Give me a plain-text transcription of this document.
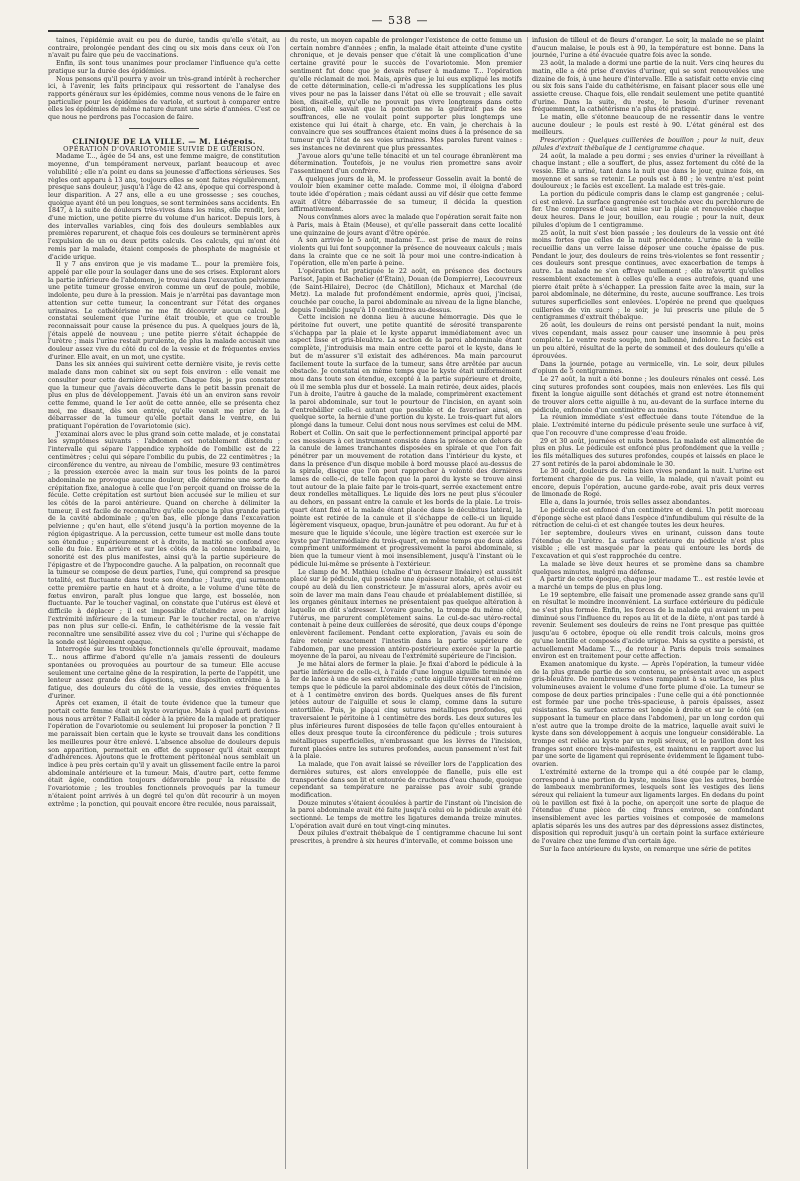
— 538 —

taines, l'épidémie avait eu peu de durée, tandis qu'elle s'était, au contraire, prolongée pendant des cinq ou six mois dans ceux où l'on n'avait pu faire que peu de vaccinations.

Enfin, ils sont tous unanimes pour proclamer l'influence qu'a cette pratique sur la durée des épidémies.

Nous pensons qu'il pourra y avoir un très-grand intérêt à rechercher ici, à l'avenir, les faits principaux qui ressortent de l'analyse des rapports généraux sur les épidémies, comme nous venons de le faire en particulier pour les épidémies de variole, et surtout à comparer entre elles les épidémies de même nature durant une série d'années. C'est ce que nous ne perdrons pas l'occasion de faire.

CLINIQUE DE LA VILLE. — M. Liégeois.

OPÉRATION D'OVARIOTOMIE SUIVIE DE GUÉRISON.

Madame T..., âgée de 54 ans, est une femme maigre, de constitution moyenne, d'un tempérament nerveux, parlant beaucoup et avec volubilité ; elle n'a point eu dans sa jeunesse d'affections sérieuses. Ses règles ont apparu à 13 ans, toujours elles se sont faites régulièrement, presque sans douleur, jusqu'à l'âge de 42 ans, époque qui correspond à leur disparition. A 27 ans, elle a eu une grossesse ; ses couches, quoique ayant été un peu longues, se sont terminées sans accidents. En 1847, à la suite de douleurs très-vives dans les reins, elle rendit, lors d'une miction, une petite pierre du volume d'un haricot. Depuis lors, à des intervalles variables, cinq fois des douleurs semblables aux premières reparurent, et chaque fois ces douleurs se terminèrent après l'expulsion de un ou deux petits calculs. Ces calculs, qui m'ont été remis par la malade, étaient composés de phosphate de magnésie et d'acide urique.

Il y 7 ans environ que je vis madame T... pour la première fois, appelé par elle pour la soulager dans une de ses crises. Explorant alors la partie inférieure de l'abdomen, je trouvai dans l'excavation pelvienne une petite tumeur grosse environ comme un œuf de poule, mobile, indolente, peu dure à la pression. Mais je n'arrêtai pas davantage mon attention sur cette tumeur, la concentrant sur l'état des organes urinaires. Le cathétérisme ne me fit découvrir aucun calcul. Je constatai seulement que l'urine était trouble, et que ce trouble reconnaissait pour cause la présence du pus. A quelques jours de là, j'étais appelé de nouveau ; une petite pierre s'était échappée de l'urètre ; mais l'urine restait purulente, de plus la malade accusait une douleur assez vive du côté du col de la vessie et de fréquentes envies d'uriner. Elle avait, en un mot, une cystite.

Dans les six années qui suivirent cette dernière visite, je revis cette malade dans mon cabinet six ou sept fois environ : elle venait me consulter pour cette dernière affection. Chaque fois, je pus constater que la tumeur que j'avais découverte dans le petit bassin prenait de plus en plus de développement. J'avais été un an environ sans revoir cette femme, quand le 1er août de cette année, elle se présenta chez moi, me disant, dès son entrée, qu'elle venait me prier de la débarrasser de la tumeur qu'elle portait dans le ventre, en lui pratiquant l'opération de l'ovariotomie (sic).

J'examinai alors avec le plus grand soin cette malade, et je constatai les symptômes suivants : l'abdomen est notablement distendu ; l'intervalle qui sépare l'appendice xyphoïde de l'ombilic est de 22 centimètres ; celui qui sépare l'ombilic du pubis, de 22 centimètres ; la circonférence du ventre, au niveau de l'ombilic, mesure 93 centimètres ; la pression exercée avec la main sur tous les points de la paroi abdominale ne provoque aucune douleur, elle détermine une sorte de crépitation fixe, analogue à celle que l'on perçoit quand on froisse de la fécule. Cette crépitation est surtout bien accusée sur le milieu et sur les côtés de la paroi antérieure. Quand on cherche à délimiter la tumeur, il est facile de reconnaître qu'elle occupe la plus grande partie de la cavité abdominale ; qu'en bas, elle plonge dans l'excavation pelvienne ; qu'en haut, elle s'étend jusqu'à la portion moyenne de la région épigastrique. A la percussion, cette tumeur est molle dans toute son étendue ; supérieurement et à droite, la matité se confond avec celle du foie. En arrière et sur les côtés de la colonne lombaire, la sonorité est des plus manifestes, ainsi qu'à la partie supérieure de l'épigastre et de l'hypocondre gauche. A la palpation, on reconnaît que la tumeur se compose de deux parties, l'une, qui comprend sa presque totalité, est fluctuante dans toute son étendue ; l'autre, qui surmonte cette première partie en haut et à droite, a le volume d'une tête de fœtus environ, paraît plus longue que large, est bosselée, non fluctuante. Par le toucher vaginal, on constate que l'utérus est élevé et difficile à déplacer ; il est impossible d'atteindre avec le doigt l'extrémité inférieure de la tumeur. Par le toucher rectal, on n'arrive pas non plus sur celle-ci. Enfin, le cathétérisme de la vessie fait reconnaître une sensibilité assez vive du col ; l'urine qui s'échappe de la sonde est légèrement opaque.

Interrogée sur les troubles fonctionnels qu'elle éprouvait, madame T... nous affirme d'abord qu'elle n'a jamais ressenti de douleurs spontanées ou provoquées au pourtour de sa tumeur. Elle accuse seulement une certaine gêne de la respiration, la perte de l'appétit, une lenteur assez grande des digestions, une disposition extrême à la fatigue, des douleurs du côté de la vessie, des envies fréquentes d'uriner.

Après cet examen, il était de toute évidence que la tumeur que portait cette femme était un kyste ovarique. Mais à quel parti devions-nous nous arrêter ? Fallait-il céder à la prière de la malade et pratiquer l'opération de l'ovariotomie ou seulement lui proposer la ponction ? Il me paraissait bien certain que le kyste se trouvait dans les conditions les meilleures pour être enlevé. L'absence absolue de douleurs depuis son apparition, permettait en effet de supposer qu'il était exempt d'adhérences. Ajoutons que le frottement péritonéal nous semblait un indice à peu près certain qu'il y avait un glissement facile entre la paroi abdominale antérieure et la tumeur. Mais, d'autre part, cette femme était âgée, condition toujours défavorable pour la réussite de l'ovariotomie ; les troubles fonctionnels provoqués par la tumeur n'étaient point arrivés à un degré tel qu'on dût recourir à un moyen extrême ; la ponction, qui pouvait encore être reculée, nous paraissait,

du reste, un moyen capable de prolonger l'existence de cette femme un certain nombre d'années ; enfin, la malade était atteinte d'une cystite chronique, et je devais penser que c'était là une complication d'une certaine gravité pour le succès de l'ovariotomie. Mon premier sentiment fut donc que je devais refuser à madame T... l'opération qu'elle réclamait de moi. Mais, après que je lui eus expliqué les motifs de cette détermination, celle-ci m'adressa les supplications les plus vives pour ne pas la laisser dans l'état où elle se trouvait ; elle savait bien, disait-elle, qu'elle ne pouvait pas vivre longtemps dans cette position, elle savait que la ponction ne la guérirait pas de ses souffrances, elle ne voulait point supporter plus longtemps une existence qui lui était à charge, etc. En vain, je cherchais à la convaincre que ses souffrances étaient moins dues à la présence de sa tumeur qu'à l'état de ses voies urinaires. Mes paroles furent vaines : ses instances ne devinrent que plus pressantes.

J'avoue alors qu'une telle ténacité et un tel courage ébranlèrent ma détermination. Toutefois, je ne voulus rien promettre sans avoir l'assentiment d'un confrère.

A quelques jours de là, M. le professeur Gosselin avait la bonté de vouloir bien examiner cette malade. Comme moi, il éloigna d'abord toute idée d'opération ; mais cédant aussi au vif désir que cette femme avait d'être débarrassée de sa tumeur, il décida la question affirmativement.

Nous convînmes alors avec la malade que l'opération serait faite non à Paris, mais à Étain (Meuse), et qu'elle passerait dans cette localité une quinzaine de jours avant d'être opérée.

A son arrivée le 5 août, madame T... est prise de maux de reins violents qui lui font soupçonner la présence de nouveaux calculs ; mais dans la crainte que ce ne soit là pour moi une contre-indication à l'opération, elle m'en parle à peine.

L'opération fut pratiquée le 22 août, en présence des docteurs Parisot, Japin et Bachelier (d'Étain), Douan (de Dompierre), Lecouvreux (de Saint-Hilaire), Decroc (de Châtillon), Michaux et Marchal (de Metz). La malade fut profondément endormie, après quoi, j'incisai, couchée par couche, la paroi abdominale au niveau de la ligne blanche, depuis l'ombilic jusqu'à 10 centimètres au-dessus.

Cette incision ne donna lieu à aucune hémorragie. Dès que le péritoine fut ouvert, une petite quantité de sérosité transparente s'échappa par la plaie et le kyste apparut immédiatement avec un aspect lisse et gris-bleuâtre. La section de la paroi abdominale étant complète, j'introduisis ma main entre cette paroi et le kyste, dans le but de m'assurer s'il existait des adhérences. Ma main parcourut facilement toute la surface de la tumeur, sans être arrêtée par aucun obstacle. Je constatai en même temps que le kyste était uniformément mou dans toute son étendue, excepté à la partie supérieure et droite, où il me sembla plus dur et bosselé. La main retirée, deux aides, placés l'un à droite, l'autre à gauche de la malade, comprimèrent exactement la paroi abdominale, sur tout le pourtour de l'incision, en ayant soin d'entrebâiller celle-ci autant que possible et de favoriser ainsi, en quelque sorte, la hernie d'une portion du kyste. Le trois-quart fut alors plongé dans la tumeur. Celui dont nous nous servîmes est celui de MM. Robert et Collin. On sait que le perfectionnement principal apporté par ces messieurs à cet instrument consiste dans la présence en dehors de la canule de lames tranchantes disposées en spirale et que l'on fait pénétrer par un mouvement de rotation dans l'intérieur du kyste, et dans la présence d'un disque mobile à bord mousse placé au-dessus de la spirale, disque que l'on peut rapprocher à volonté des dernières lames de celle-ci, de telle façon que la paroi du kyste se trouve ainsi tout autour de la plaie faite par le trois-quart, serrée exactement entre deux rondelles métalliques. Le liquide dès lors ne peut plus s'écouler au dehors, en passant entre la canule et les bords de la plaie. Le trois-quart étant fixé et la malade étant placée dans le décubitus latéral, la pointe est retirée de la canule et il s'échappe de celle-ci un liquide légèrement visqueux, opaque, brun-jaunâtre et peu odorant. Au fur et à mesure que le liquide s'écoule, une légère traction est exercée sur le kyste par l'intermédiaire du trois-quart, en même temps que deux aides compriment uniformément et progressivement la paroi abdominale, si bien que la tumeur vient à moi insensiblement, jusqu'à l'instant où le pédicule lui-même se présente à l'extérieur.

Le clamp de M. Mathieu (chaîne d'un écraseur linéaire) est aussitôt placé sur le pédicule, qui possède une épaisseur notable, et celui-ci est coupé au delà du lien constricteur. Je m'assurai alors, après avoir eu soin de laver ma main dans l'eau chaude et préalablement distillée, si les organes génitaux internes ne présentaient pas quelque altération à laquelle on dût s'adresser. L'ovaire gauche, la trompe du même côté, l'utérus, me parurent complètement sains. Le cul-de-sac utéro-rectal contenait à peine deux cuillerées de sérosité, que deux coups d'éponge enlevèrent facilement. Pendant cette exploration, j'avais eu soin de faire retenir exactement l'intestin dans la partie supérieure de l'abdomen, par une pression antéro-postérieure exercée sur la partie moyenne de la paroi, au niveau de l'extrémité supérieure de l'incision.

Je me hâtai alors de fermer la plaie. Je fixai d'abord le pédicule à la partie inférieure de celle-ci, à l'aide d'une longue aiguille terminée en fer de lance à une de ses extrémités ; cette aiguille traversait en même temps que le pédicule la paroi abdominale des deux côtés de l'incision, et à 1 centimètre environ des bords. Quelques anses de fils furent jetées autour de l'aiguille et sous le clamp, comme dans la suture entortillée. Puis, je plaçai cinq sutures métalliques profondes, qui traversaient le péritoine à 1 centimètre des bords. Les deux sutures les plus inférieures furent disposées de telle façon qu'elles entouraient à elles deux presque toute la circonférence du pédicule ; trois sutures métalliques superficielles, n'embrassant que les lèvres de l'incision, furent placées entre les sutures profondes, aucun pansement n'est fait à la plaie.

La malade, que l'on avait laissé se réveiller lors de l'application des dernières sutures, est alors enveloppée de flanelle, puis elle est transportée dans son lit et entourée de cruchons d'eau chaude, quoique cependant sa température ne paraisse pas avoir subi grande modification.

Douze minutes s'étaient écoulées à partir de l'instant où l'incision de la paroi abdominale avait été faite jusqu'à celui où le pédicule avait été sectionné. Le temps de mettre les ligatures demanda treize minutes. L'opération avait duré en tout vingt-cinq minutes.

Deux pilules d'extrait thébaïque de 1 centigramme chacune lui sont prescrites, à prendre à six heures d'intervalle, et comme boisson une

infusion de tilleul et de fleurs d'oranger. Le soir, la malade ne se plaint d'aucun malaise, le pouls est à 90, la température est bonne. Dans la journée, l'urine a été évacuée quatre fois avec la sonde.

23 août, la malade a dormi une partie de la nuit. Vers cinq heures du matin, elle a été prise d'envies d'uriner, qui se sont renouvelées une dizaine de fois, à une heure d'intervalle. Elle a satisfait cette envie cinq ou six fois sans l'aide du cathétérisme, en faisant placer sous elle une assiette creuse. Chaque fois, elle rendait seulement une petite quantité d'urine. Dans la suite, du reste, le besoin d'uriner revenant fréquemment, la cathétérisme n'a plus été pratiqué.

Le matin, elle s'étonne beaucoup de ne ressentir dans le ventre aucune douleur ; le pouls est resté à 90. L'état général est des meilleurs.

Prescription : Quelques cuillerées de bouillon ; pour la nuit, deux pilules d'extrait thébaïque de 1 centigramme chaque.

24 août, la malade a peu dormi ; ses envies d'uriner la réveillant à chaque instant ; elle a souffert, de plus, assez fortement du côté de la vessie. Elle a uriné, tant dans la nuit que dans le jour, quinze fois, en moyenne et sans se retenir. Le pouls est à 80 ; le ventre n'est point douloureux ; le faciès est excellent. La malade est très-gaie.

La portion du pédicule compris dans le clamp est gangrenée ; celui-ci est enlevé. La surface gangrenée est touchée avec du perchlorure de fer. Une compresse d'eau est mise sur la plaie et renouvelée chaque deux heures. Dans le jour, bouillon, eau rougie ; pour la nuit, deux pilules d'opium de 1 centigramme.

25 août, la nuit s'est bien passée ; les douleurs de la vessie ont été moins fortes que celles de la nuit précédente. L'urine de la veille recueillie dans un verre laisse déposer une couche épaisse de pus. Pendant le jour, des douleurs de reins très-violentes se font ressentir ; ces douleurs sont presque continues, avec exacerbation de temps à autre. La malade ne s'en effraye nullement ; elle m'avertit qu'elles ressemblent exactement à celles qu'elle a eues autrefois, quand une pierre était prête à s'échapper. La pression faite avec la main, sur la paroi abdominale, ne détermine, du reste, aucune souffrance. Les trois sutures superficielles sont enlevées. L'opérée ne prend que quelques cuillerées de vin sucré ; le soir, je lui prescris une pilule de 5 centigrammes d'extrait thébaïque.

26 août, les douleurs de reins ont persisté pendant la nuit, moins vives cependant, mais assez pour causer une insomnie à peu près complète. Le ventre reste souple, non ballonné, indolore. Le faciès est un peu altéré, résultat de la perte de sommeil et des douleurs qu'elle a éprouvées.

Dans la journée, potage au vermicelle, vin. Le soir, deux pilules d'opium de 5 centigrammes.

Le 27 août, la nuit a été bonne ; les douleurs rénales ont cessé. Les cinq sutures profondes sont coupées, mais non enlevées. Les fils qui fixent la longue aiguille sont détachés et grand est notre étonnement de trouver alors cette aiguille à nu, au-devant de la surface interne du pédicule, enfoncée d'un centimètre au moins.

La réunion immédiate s'est effectuée dans toute l'étendue de la plaie. L'extrémité interne du pédicule présente seule une surface à vif, que l'on recouvre d'une compresse d'eau froide.

29 et 30 août, journées et nuits bonnes. La malade est alimentée de plus en plus. Le pédicule est enfoncé plus profondément que la veille ; les fils métalliques des sutures profondes, coupés et laissés en place le 27 sont retirés de la paroi abdominale le 30.

Le 30 août, douleurs de reins bien vives pendant la nuit. L'urine est fortement chargée de pus. La veille, la malade, qui n'avait point eu encore, depuis l'opération, aucune garde-robe, avait pris deux verres de limonade de Rogé.

Elle a, dans la journée, trois selles assez abondantes.

Le pédicule est enfoncé d'un centimètre et demi. Un petit morceau d'éponge sèche est placé dans l'espèce d'infundibulum qui résulte de la rétraction de celui-ci et est changée toutes les deux heures.

1er septembre, douleurs vives en urinant, cuisson dans toute l'étendue de l'urètre. La surface extérieure du pédicule n'est plus visible ; elle est masquée par la peau qui entoure les bords de l'excavation et qui s'est rapprochée du centre.

La malade se lève deux heures et se promène dans sa chambre quelques minutes, malgré ma défense.

A partir de cette époque, chaque jour madame T... est restée levée et a marché un temps de plus en plus long.

Le 19 septembre, elle faisait une promenade assez grande sans qu'il en résultat le moindre inconvénient. La surface extérieure du pédicule ne s'est plus formée. Enfin, les forces de la malade qui avaient un peu diminué sous l'influence du repos au lit et de la diète, n'ont pas tardé à revenir. Seulement ses douleurs de reins ne l'ont presque pas quittée jusqu'au 6 octobre, époque où elle rendit trois calculs, moins gros qu'une lentille et composés d'acide urique. Mais sa cystite a persisté, et actuellement Madame T..., de retour à Paris depuis trois semaines environ est en traitement pour cette affection.

Examen anatomique du kyste. — Après l'opération, la tumeur vidée de la plus grande partie de son contenu, se présentait avec un aspect gris-bleuâtre. De nombreuses veines rampaient à sa surface, les plus volumineuses avaient le volume d'une forte plume d'oie. La tumeur se compose de deux parties principales : l'une celle qui a été ponctionnée est formée par une poche très-spacieuse, à parois épaisses, assez résistantes. Sa surface externe est longée à droite et sur le côté (en supposant la tumeur en place dans l'abdomen), par un long cordon qui n'est autre que la trompe droite de la matrice, laquelle avait suivi le kyste dans son développement à acquis une longueur considérable. La trompe est reliée au kyste par un repli séreux, et le pavillon dont les franges sont encore très-manifestes, est maintenu en rapport avec lui par une sorte de ligament qui représente évidemment le ligament tubo-ovarien.

L'extrémité externe de la trompe qui a été coupée par le clamp, correspond à une portion du kyste, moins lisse que les autres, bordée de lambeaux membraniformes, lesquels sont les vestiges des liens séreux qui reliaient la tumeur aux ligaments larges. En dedans du point où le pavillon est fixé à la poche, on aperçoit une sorte de plaque de l'étendue d'une pièce de cinq francs environ, se confondant insensiblement avec les parties voisines et composée de mamelons aplatis séparés les uns des autres par des dépressions assez distinctes, disposition qui reproduit jusqu'à un certain point la surface extérieure de l'ovaire chez une femme d'un certain âge.

Sur la face antérieure du kyste, on remarque une série de petites
